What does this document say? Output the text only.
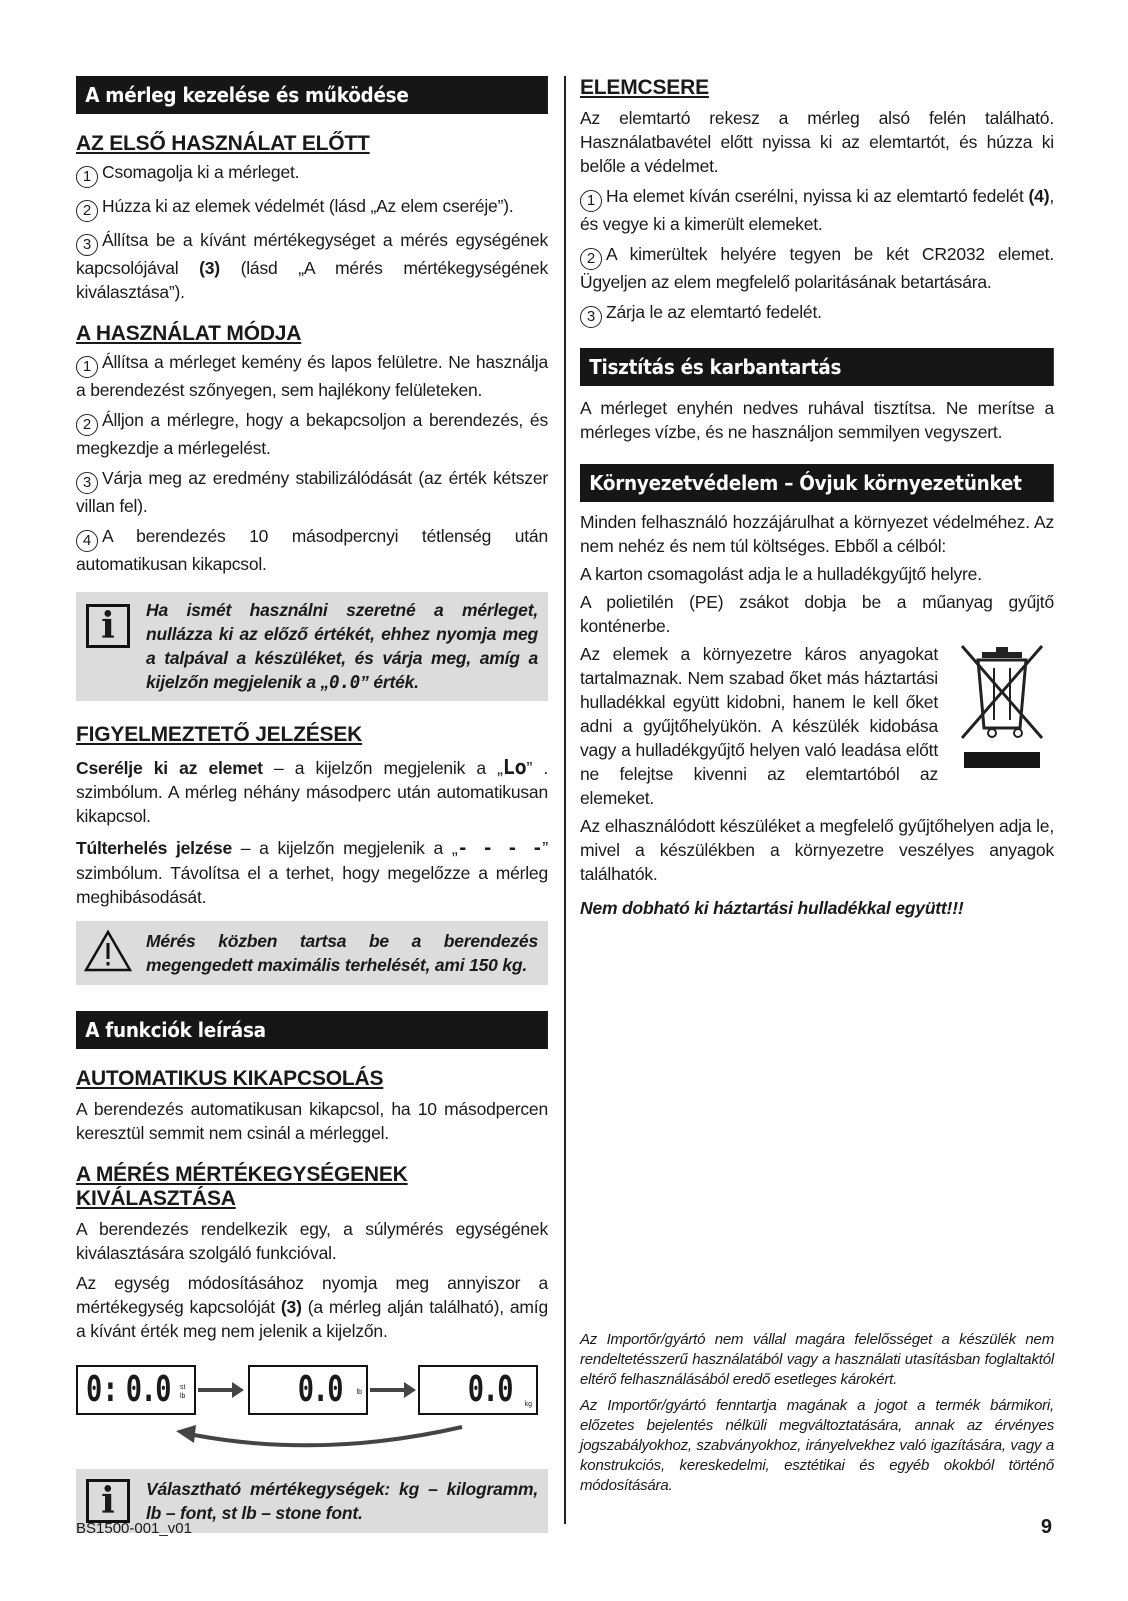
A mérleg kezelése és működése
AZ ELSŐ HASZNÁLAT ELŐTT

1 Csomagolja ki a mérleget.

2 Húzza ki az elemek védelmét (lásd „Az elem cseréje”).

3 Állítsa be a kívánt mértékegységet a mérés egységének kapcsolójával (3) (lásd „A mérés mértékegységének kiválasztása”).

A HASZNÁLAT MÓDJA

1 Állítsa a mérleget kemény és lapos felületre. Ne használja a berendezést szőnyegen, sem hajlékony felületeken.

2 Álljon a mérlegre, hogy a bekapcsoljon a berendezés, és megkezdje a mérlegelést.

3 Várja meg az eredmény stabilizálódását (az érték kétszer villan fel).

4 A berendezés 10 másodpercnyi tétlenség után automatikusan kikapcsol.

i	Ha ismét használni szeretné a mérleget, nullázza ki az előző értékét, ehhez nyomja meg a talpával a készüléket, és várja meg, amíg a kijelzőn megjelenik a „0.0” érték.

FIGYELMEZTETŐ JELZÉSEK

Cserélje ki az elemet – a kijelzőn megjelenik a „Lo” . szimbólum. A mérleg néhány másodperc után automatikusan kikapcsol.

Túlterhelés jelzése – a kijelzőn megjelenik a „- - - -” szimbólum. Távolítsa el a terhet, hogy megelőzze a mérleg meghibásodását.

Mérés közben tartsa be a berendezés megengedett maximális terhelését, ami 150 kg.

A funkciók leírása
AUTOMATIKUS KIKAPCSOLÁS

A berendezés automatikusan kikapcsol, ha 10 másodpercen keresztül semmit nem csinál a mérleggel.

A MÉRÉS MÉRTÉKEGYSÉGENEK KIVÁLASZTÁSA

A berendezés rendelkezik egy, a súlymérés egységének kiválasztására szolgáló funkcióval.

Az egység módosításához nyomja meg annyiszor a mértékegység kapcsolóját (3) (a mérleg alján található), amíg a kívánt érték meg nem jelenik a kijelzőn.

0: 0.0 st lb	0.0 lb	0.0 kg
i	Választható mértékegységek: kg – kilogramm, lb – font, st lb – stone font.

ELEMCSERE

Az elemtartó rekesz a mérleg alsó felén található. Használatbavétel előtt nyissa ki az elemtartót, és húzza ki belőle a védelmet.

1 Ha elemet kíván cserélni, nyissa ki az elemtartó fedelét (4), és vegye ki a kimerült elemeket.

2 A kimerültek helyére tegyen be két CR2032 elemet. Ügyeljen az elem megfelelő polaritásának betartására.

3 Zárja le az elemtartó fedelét.

Tisztítás és karbantartás

A mérleget enyhén nedves ruhával tisztítsa. Ne merítse a mérleges vízbe, és ne használjon semmilyen vegyszert.

Környezetvédelem – Óvjuk környezetünket

Minden felhasználó hozzájárulhat a környezet védelméhez. Az nem nehéz és nem túl költséges. Ebből a célból:

A karton csomagolást adja le a hulladékgyűjtő helyre.

A polietilén (PE) zsákot dobja be a műanyag gyűjtő konténerbe.

Az elemek a környezetre káros anyagokat tartalmaznak. Nem szabad őket más háztartási hulladékkal együtt kidobni, hanem le kell őket adni a gyűjtőhelyükön. A készülék kidobása vagy a hulladékgyűjtő helyen való leadása előtt ne felejtse kivenni az elemtartóból az elemeket.

Az elhasználódott készüléket a megfelelő gyűjtőhelyen adja le, mivel a készülékben a környezetre veszélyes anyagok találhatók.

Nem dobható ki háztartási hulladékkal együtt!!!

Az Importőr/gyártó nem vállal magára felelősséget a készülék nem rendeltetésszerű használatából vagy a használati utasításban foglaltaktól eltérő felhasználásából eredő esetleges károkért.

Az Importőr/gyártó fenntartja magának a jogot a termék bármikori, előzetes bejelentés nélküli megváltoztatására, annak az érvényes jogszabályokhoz, szabványokhoz, irányelvekhez való igazítására, vagy a konstrukciós, kereskedelmi, esztétikai és egyéb okokból történő módosítására.

BS1500-001_v01	9
